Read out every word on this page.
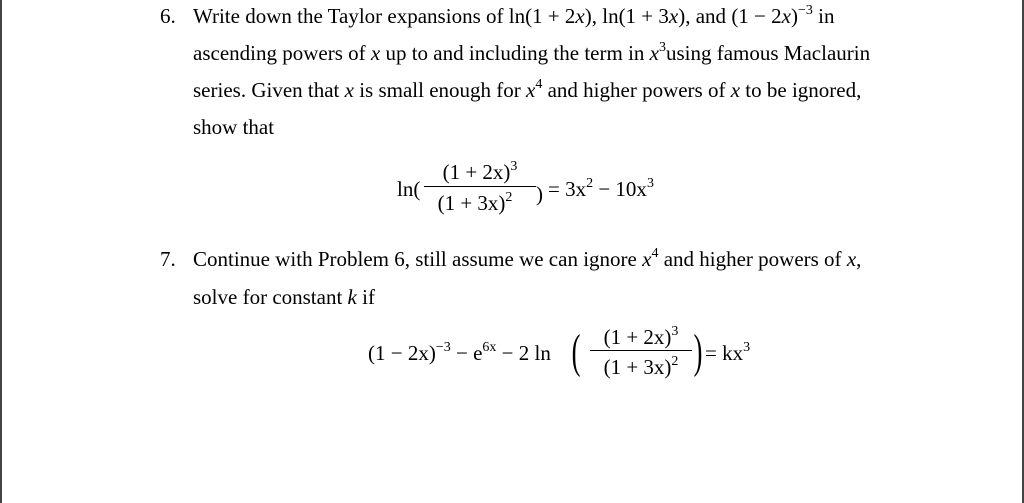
6. Write down the Taylor expansions of ln(1 + 2x), ln(1 + 3x), and $(1 - 2x)^{-3}$ in
ascending powers of x up to and including the term in $x^3using$ famous Maclaurin
series. Given that x is small enough for $x^4$ and higher powers of x to be ignored,
show that
ln(
$(1 + 2x)^3$
$(1 + 3x)^2$	) = $3x^2 - 10x^3$
7. Continue with Problem 6, still assume we can ignore $x^4$ and higher powers of x,
solve for constant k if
$(1 - 2x)^{-3} - e^{6x} - 2$ ln (	$(1 + 2x)^3$
$(1 + 3x)^2$ ) = $kx^3$
